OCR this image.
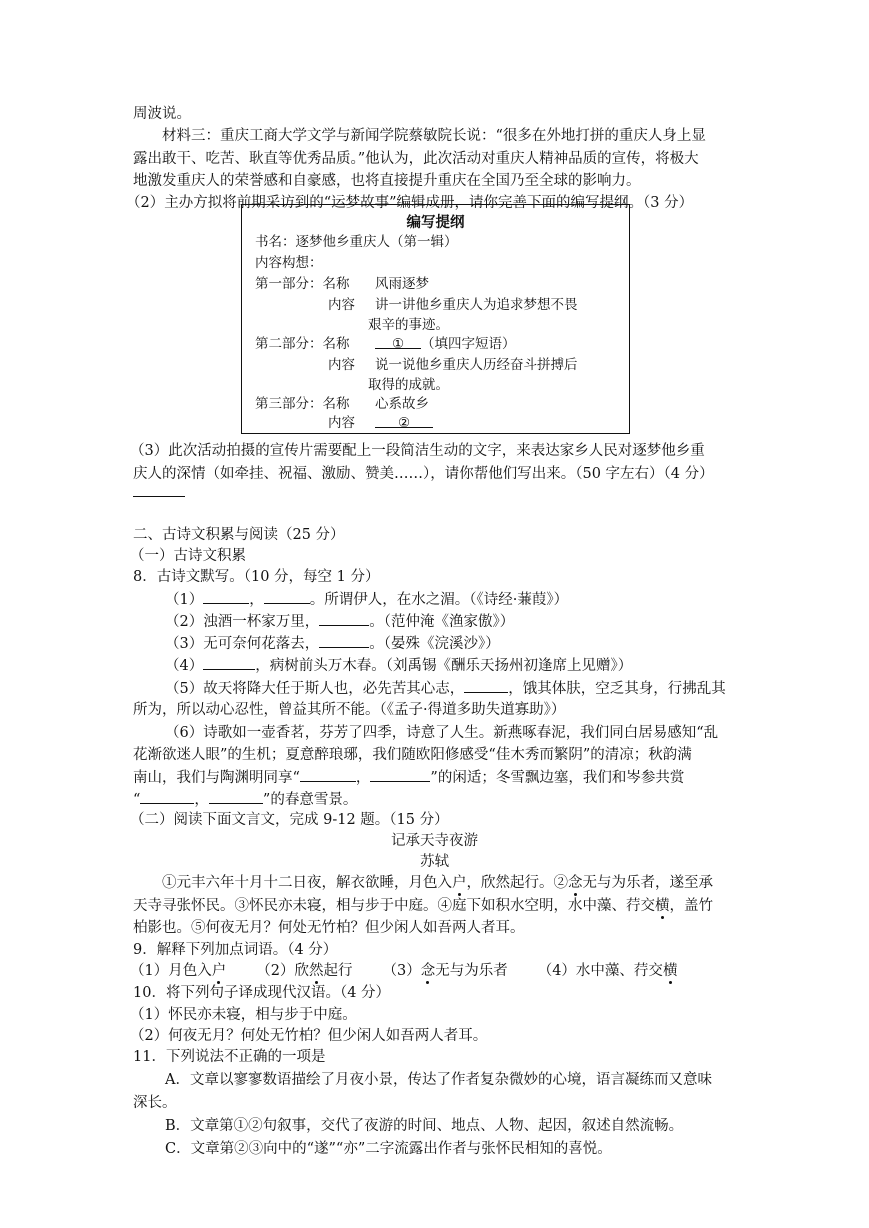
周波说。
材料三：重庆工商大学文学与新闻学院蔡敏院长说：“很多在外地打拼的重庆人身上显
露出敢干、吃苦、耿直等优秀品质。”他认为，此次活动对重庆人精神品质的宣传，将极大
地激发重庆人的荣誉感和自豪感，也将直接提升重庆在全国乃至全球的影响力。
（2）主办方拟将前期采访到的“运梦故事”编辑成册，请你完善下面的编写提纲。（3 分）
编写提纲
书名：逐梦他乡重庆人（第一辑）
内容构想：
第一部分：名称 风雨逐梦
内容 讲一讲他乡重庆人为追求梦想不畏
艰辛的事迹。
第二部分：名称	① （填四字短语）
内容 说一说他乡重庆人历经奋斗拼搏后
取得的成就。
第三部分：名称 心系故乡
内容	②
（3）此次活动拍摄的宣传片需要配上一段简洁生动的文字，来表达家乡人民对逐梦他乡重
庆人的深情（如牵挂、祝福、激励、赞美……），请你帮他们写出来。（50 字左右）（4 分）
二、古诗文积累与阅读（25 分）
（一）古诗文积累
8．古诗文默写。（10 分，每空 1 分）
（1）	，	。所谓伊人，在水之湄。（《诗经·蒹葭》）
（2）浊酒一杯家万里，	。（范仲淹《渔家傲》）
（3）无可奈何花落去，	。（晏殊《浣溪沙》）
（4）	，病树前头万木春。（刘禹锡《酬乐天扬州初逢席上见赠》）
（5）故天将降大任于斯人也，必先苦其心志，	，饿其体肤，空乏其身，行拂乱其
所为，所以动心忍性，曾益其所不能。（《孟子·得道多助失道寡助》）
（6）诗歌如一壶香茗，芬芳了四季，诗意了人生。新燕啄春泥，我们同白居易感知“乱
花渐欲迷人眼”的生机；夏意醉琅琊，我们随欧阳修感受“佳木秀而繁阴”的清凉；秋韵满
南山，我们与陶渊明同享“	，	”的闲适；冬雪飘边塞，我们和岑参共赏
“	，	”的春意雪景。
（二）阅读下面文言文，完成 9-12 题。（15 分）
记承天寺夜游
苏轼
①元丰六年十月十二日夜，解衣欲睡，月色入户，欣然起行。②念无与为乐者，遂至承
天寺寻张怀民。③怀民亦未寝，相与步于中庭。④庭下如积水空明，水中藻、荇交横，盖竹
柏影也。⑤何夜无月？何处无竹柏？但少闲人如吾两人者耳。
9．解释下列加点词语。（4 分）
（1）月色入户 （2）欣然起行 （3）念无与为乐者 （4）水中藻、荇交横
10．将下列句子译成现代汉语。（4 分）
（1）怀民亦未寝，相与步于中庭。
（2）何夜无月？何处无竹柏？但少闲人如吾两人者耳。
11．下列说法不正确的一项是
A．文章以寥寥数语描绘了月夜小景，传达了作者复杂微妙的心境，语言凝练而又意味
深长。
B．文章第①②句叙事，交代了夜游的时间、地点、人物、起因，叙述自然流畅。
C．文章第②③向中的“遂”“亦”二字流露出作者与张怀民相知的喜悦。
